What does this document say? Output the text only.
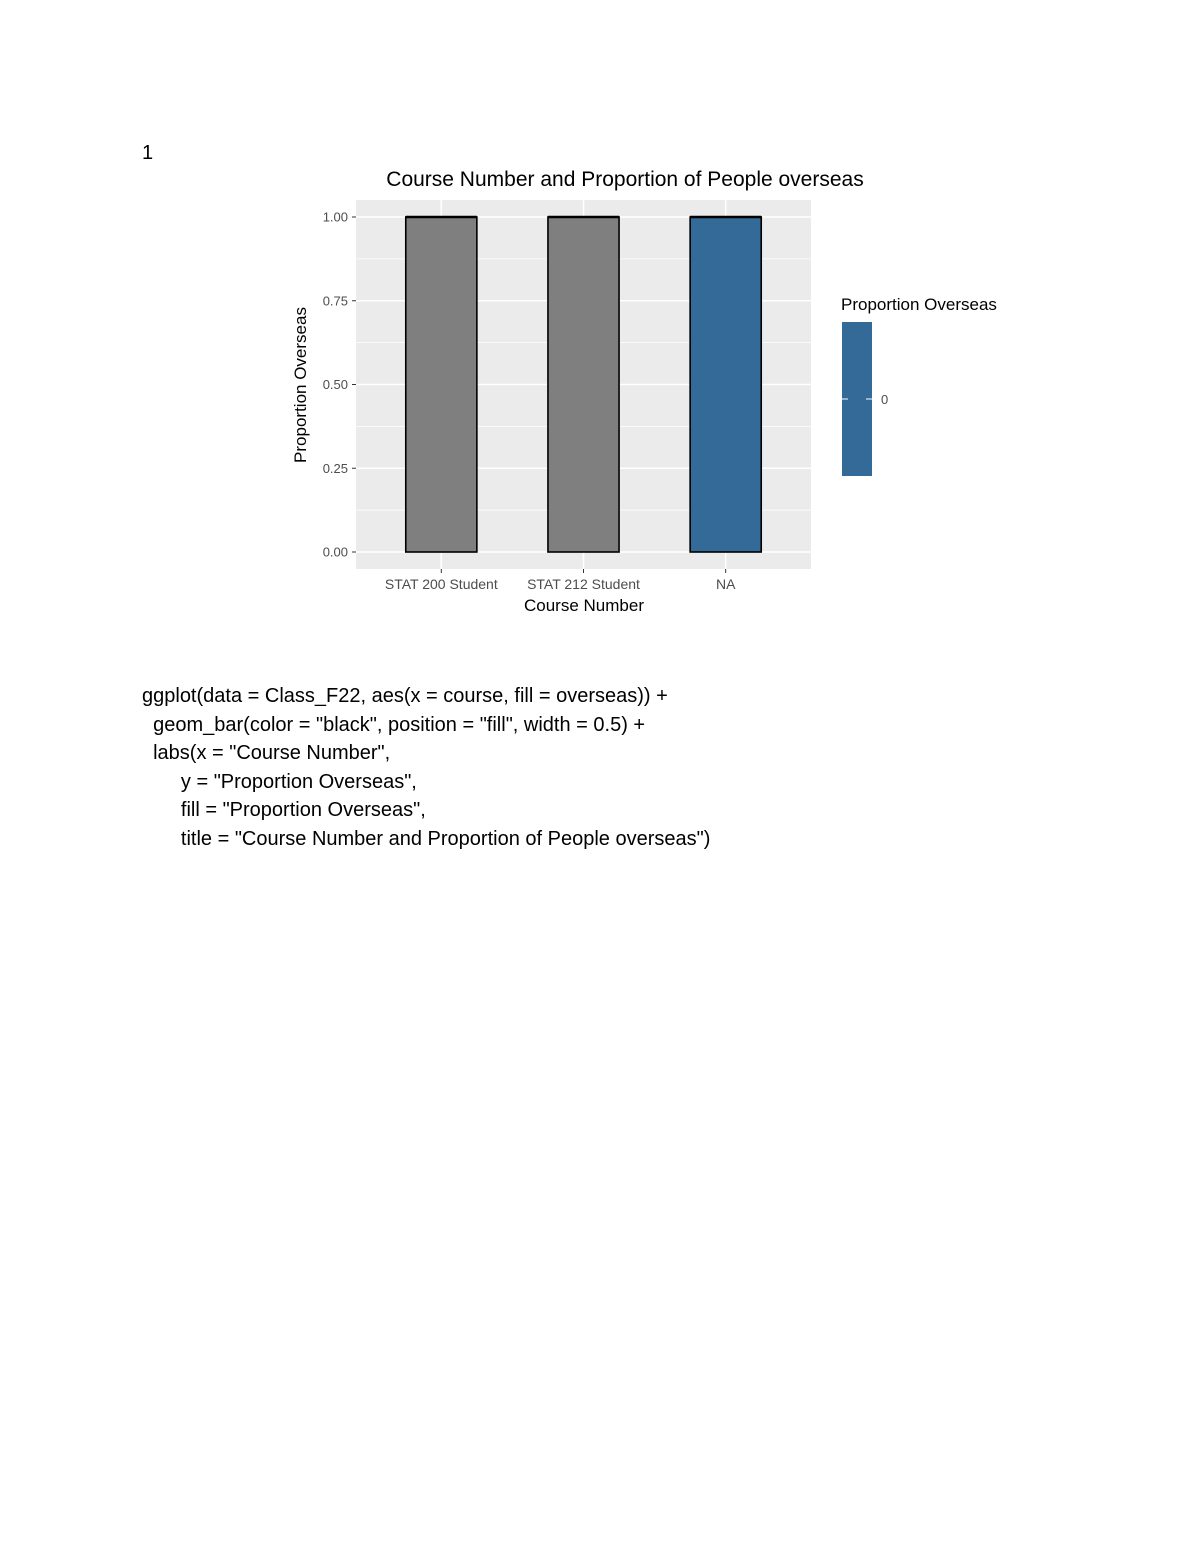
1
Course Number and Proportion of People overseas
0.00
0.25
0.50
0.75
1.00
STAT 200 Student STAT 212 Student	NA
Proportion Overseas
Course Number
Proportion Overseas
0
ggplot(data = Class_F22, aes(x = course, fill = overseas)) +
geom_bar(color = "black", position = "fill", width = 0.5) +
labs(x = "Course Number",
y = "Proportion Overseas",
fill = "Proportion Overseas",
title = "Course Number and Proportion of People overseas")
